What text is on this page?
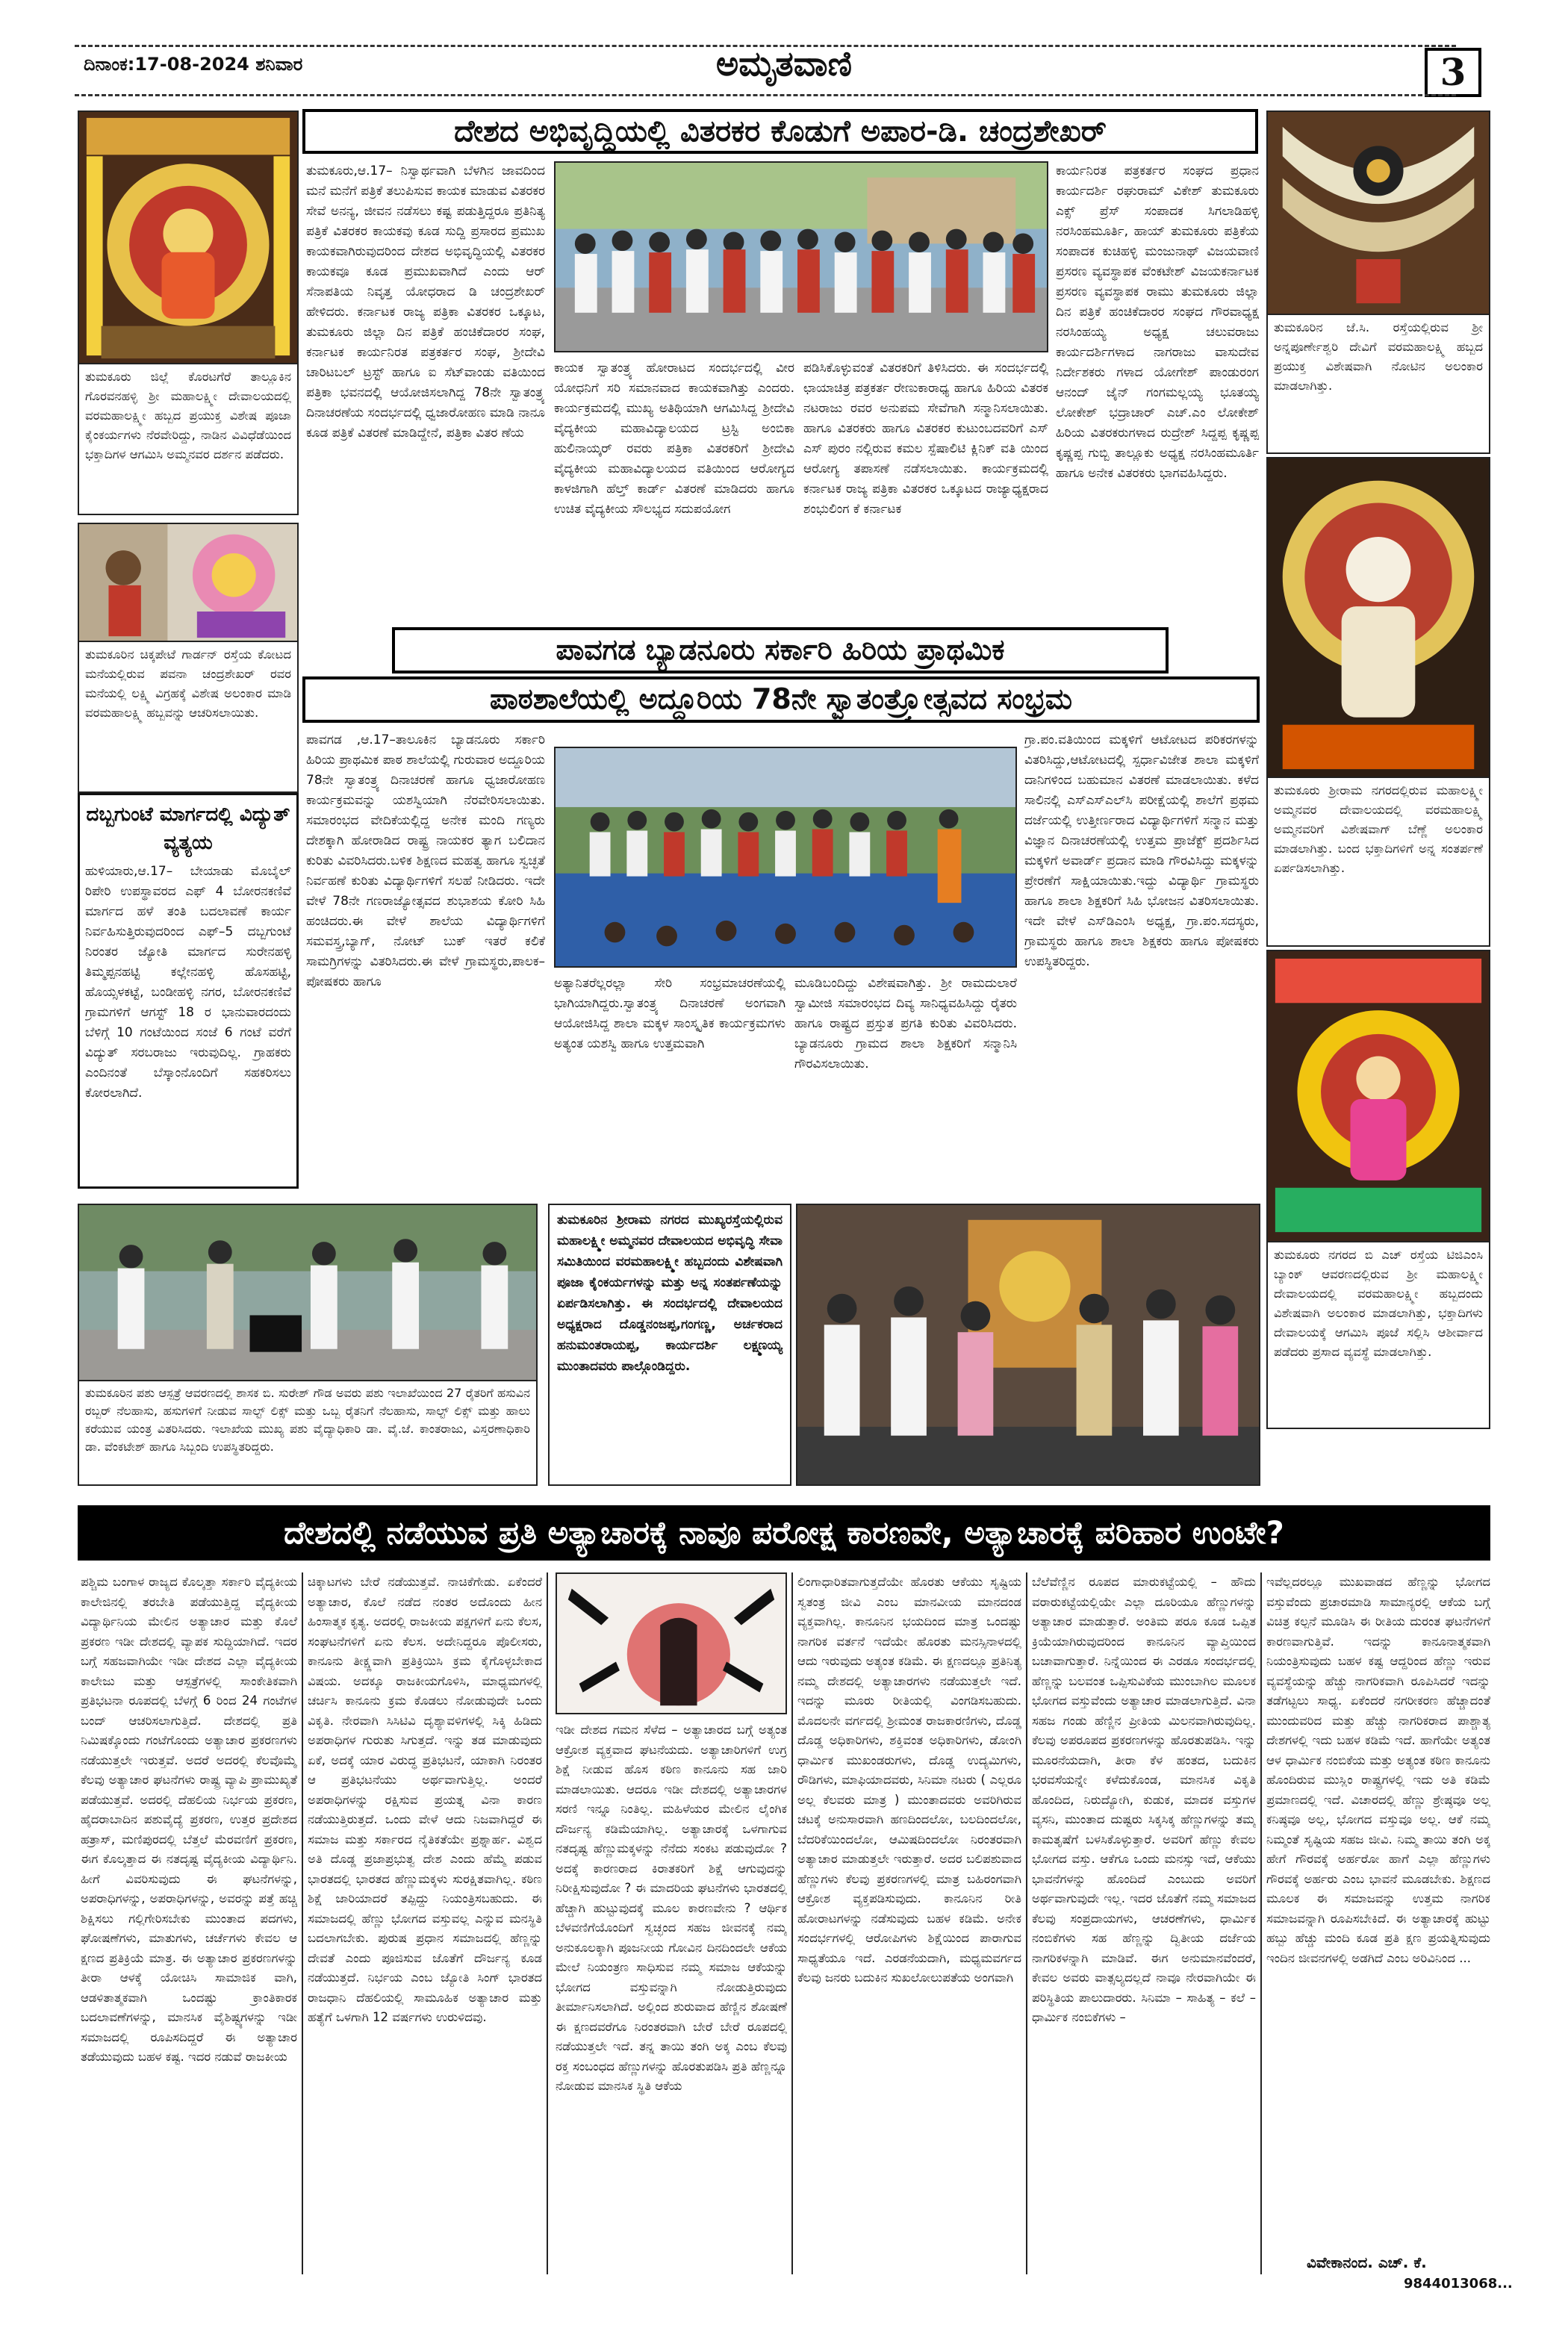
ದಿನಾಂಕ:17-08-2024 ಶನಿವಾರ	ಅಮೃತವಾಣಿ	3
ತುಮಕೂರು ಜಿಲ್ಲೆ ಕೊರಟಗೆರೆ ತಾಲ್ಲೂಕಿನ ಗೊರವನಹಳ್ಳಿ ಶ್ರೀ ಮಹಾಲಕ್ಷ್ಮೀ ದೇವಾಲಯದಲ್ಲಿ ವರಮಹಾಲಕ್ಷ್ಮೀ ಹಬ್ಬದ ಪ್ರಯುಕ್ತ ವಿಶೇಷ ಪೂಜಾ ಕೈಂಕರ್ಯಗಳು ನೆರವೇರಿದ್ದು, ನಾಡಿನ ವಿವಿಧೆಡೆಯಿಂದ ಭಕ್ತಾದಿಗಳ ಆಗಮಿಸಿ ಅಮ್ಮನವರ ದರ್ಶನ ಪಡೆದರು.
ತುಮಕೂರಿನ ಚಿಕ್ಕಪೇಟೆ ಗಾರ್ಡನ್ ರಸ್ತೆಯ ಕೋಟದ ಮನೆಯಲ್ಲಿರುವ ಪವನಾ ಚಂದ್ರಶೇಖರ್ ರವರ ಮನೆಯಲ್ಲಿ ಲಕ್ಷ್ಮಿ ವಿಗ್ರಹಕ್ಕೆ ವಿಶೇಷ ಅಲಂಕಾರ ಮಾಡಿ ವರಮಹಾಲಕ್ಷ್ಮಿ ಹಬ್ಬವನ್ನು ಆಚರಿಸಲಾಯಿತು.
ದಬ್ಬಗುಂಟೆ ಮಾರ್ಗದಲ್ಲಿ ವಿದ್ಯುತ್ ವ್ಯತ್ಯಯ
ಹುಳಿಯಾರು,ಆ.17– ಬೇಯಾಡು ಮೊಬೈಲ್ ರಿಪೇರಿ ಉಪಸ್ಥಾವರದ ಎಫ್ 4 ಬೋರನಕಣಿವೆ ಮಾರ್ಗದ ಹಳೆ ತಂತಿ ಬದಲಾವಣೆ ಕಾರ್ಯ ನಿರ್ವಹಿಸುತ್ತಿರುವುದರಿಂದ ಎಫ್–5 ದಬ್ಬಗುಂಟೆ ನಿರಂತರ ಜ್ಯೋತಿ ಮಾರ್ಗದ ಸುರೇನಹಳ್ಳಿ ತಿಮ್ಮಪ್ಪನಹಟ್ಟಿ ಕಲ್ಲೇನಹಳ್ಳಿ ಹೊಸಹಟ್ಟಿ, ಹೊಯ್ಸಳಕಟ್ಟೆ, ಬಂಡೀಹಳ್ಳಿ ನಗರ, ಬೋರನಕಣಿವೆ ಗ್ರಾಮಗಳಿಗೆ ಆಗಸ್ಟ್ 18 ರ ಭಾನುವಾರದಂದು ಬೆಳಿಗ್ಗೆ 10 ಗಂಟೆಯಿಂದ ಸಂಜೆ 6 ಗಂಟೆ ವರೆಗೆ ವಿದ್ಯುತ್ ಸರಬರಾಜು ಇರುವುದಿಲ್ಲ. ಗ್ರಾಹಕರು ಎಂದಿನಂತೆ ಬೆಸ್ಕಾಂನೊಂದಿಗೆ ಸಹಕರಿಸಲು ಕೋರಲಾಗಿದೆ.
ದೇಶದ ಅಭಿವೃದ್ಧಿಯಲ್ಲಿ ವಿತರಕರ ಕೊಡುಗೆ ಅಪಾರ-ಡಿ. ಚಂದ್ರಶೇಖರ್
ತುಮಕೂರು,ಆ.17– ನಿಸ್ವಾರ್ಥವಾಗಿ ಬೆಳಗಿನ ಜಾವದಿಂದ ಮನೆ ಮನೆಗೆ ಪತ್ರಿಕೆ ತಲುಪಿಸುವ ಕಾಯಕ ಮಾಡುವ ವಿತರಕರ ಸೇವೆ ಅನನ್ಯ, ಜೀವನ ನಡೆಸಲು ಕಷ್ಟ ಪಡುತ್ತಿದ್ದರೂ ಪ್ರತಿನಿತ್ಯ ಪತ್ರಿಕೆ ವಿತರಕರ ಕಾಯಕವು ಕೂಡ ಸುದ್ದಿ ಪ್ರಸಾರದ ಪ್ರಮುಖ ಕಾಯಕವಾಗಿರುವುದರಿಂದ ದೇಶದ ಅಭಿವೃದ್ಧಿಯಲ್ಲಿ ವಿತರಕರ ಕಾಯಕವೂ ಕೂಡ ಪ್ರಮುಖವಾಗಿದೆ ಎಂದು ಆರ್ ಸೆನಾಪತಿಯ ನಿವೃತ್ತ ಯೋಧರಾದ ಡಿ ಚಂದ್ರಶೇಖರ್ ಹೇಳಿದರು. ಕರ್ನಾಟಕ ರಾಜ್ಯ ಪತ್ರಿಕಾ ವಿತರಕರ ಒಕ್ಕೂಟ, ತುಮಕೂರು ಜಿಲ್ಲಾ ದಿನ ಪತ್ರಿಕೆ ಹಂಚಿಕೆದಾರರ ಸಂಘ, ಕರ್ನಾಟಕ ಕಾರ್ಯನಿರತ ಪತ್ರಕರ್ತರ ಸಂಘ, ಶ್ರೀದೇವಿ ಚಾರಿಟಬಲ್ ಟ್ರಸ್ಟ್ ಹಾಗೂ ಐ ಸೆಟ್‌ವಾಂಡು ವತಿಯಿಂದ ಪತ್ರಿಕಾ ಭವನದಲ್ಲಿ ಆಯೋಜಿಸಲಾಗಿದ್ದ 78ನೇ ಸ್ವಾತಂತ್ರ್ಯ ದಿನಾಚರಣೆಯ ಸಂದರ್ಭದಲ್ಲಿ ಧ್ವಜಾರೋಹಣ ಮಾಡಿ ನಾನೂ ಕೂಡ ಪತ್ರಿಕೆ ವಿತರಣೆ ಮಾಡಿದ್ದೇನೆ, ಪತ್ರಿಕಾ ವಿತರ ಣೆಯ
ಕಾಯಕ ಸ್ವಾತಂತ್ರ್ಯ ಹೋರಾಟದ ಸಂದರ್ಭದಲ್ಲಿ ವೀರ ಯೋಧನಿಗೆ ಸರಿ ಸಮಾನವಾದ ಕಾಯಕವಾಗಿತ್ತು ಎಂದರು. ಕಾರ್ಯಕ್ರಮದಲ್ಲಿ ಮುಖ್ಯ ಅತಿಥಿಯಾಗಿ ಆಗಮಿಸಿದ್ದ ಶ್ರೀದೇವಿ ವೈದ್ಯಕೀಯ ಮಹಾವಿದ್ಯಾಲಯದ ಟ್ರಸ್ಟಿ ಅಂಬಿಕಾ ಹುಲಿನಾಯ್ಕರ್ ರವರು ಪತ್ರಿಕಾ ವಿತರಕರಿಗೆ ಶ್ರೀದೇವಿ ವೈದ್ಯಕೀಯ ಮಹಾವಿದ್ಯಾಲಯದ ವತಿಯಿಂದ ಆರೋಗ್ಯದ ಕಾಳಜಿಗಾಗಿ ಹೆಲ್ತ್ ಕಾರ್ಡ್ ವಿತರಣೆ ಮಾಡಿದರು ಹಾಗೂ ಉಚಿತ ವೈದ್ಯಕೀಯ ಸೌಲಭ್ಯದ ಸದುಪಯೋಗ
ಪಡಿಸಿಕೊಳ್ಳುವಂತೆ ವಿತರಕರಿಗೆ ತಿಳಿಸಿದರು. ಈ ಸಂದರ್ಭದಲ್ಲಿ ಛಾಯಾಚಿತ್ರ ಪತ್ರಕರ್ತ ರೇಣುಕಾರಾಧ್ಯ ಹಾಗೂ ಹಿರಿಯ ವಿತರಕ ನಟರಾಜು ರವರ ಅನುಪಮ ಸೇವೆಗಾಗಿ ಸನ್ಮಾನಿಸಲಾಯಿತು. ಹಾಗೂ ವಿತರಕರು ಹಾಗೂ ವಿತರಕರ ಕುಟುಂಬದವರಿಗೆ ಎಸ್ ಎಸ್ ಪುರಂ ನಲ್ಲಿರುವ ಕಮಲ ಸ್ಪೆಷಾಲಿಟಿ ಕ್ಲಿನಿಕ್ ವತಿ ಯಿಂದ ಆರೋಗ್ಯ ತಪಾಸಣೆ ನಡೆಸಲಾಯಿತು. ಕಾರ್ಯಕ್ರಮದಲ್ಲಿ ಕರ್ನಾಟಕ ರಾಜ್ಯ ಪತ್ರಿಕಾ ವಿತರಕರ ಒಕ್ಕೂಟದ ರಾಜ್ಯಾಧ್ಯಕ್ಷರಾದ ಶಂಭುಲಿಂಗ ಕೆ ಕರ್ನಾಟಕ
ಕಾರ್ಯನಿರತ ಪತ್ರಕರ್ತರ ಸಂಘದ ಪ್ರಧಾನ ಕಾರ್ಯದರ್ಶಿ ರಘುರಾಮ್ ವಿಕೇಶ್ ತುಮಕೂರು ಎಕ್ಸ್ ಪ್ರೆಸ್ ಸಂಪಾದಕ ಸಿಗಲಾಡಿಹಳ್ಳಿ ನರಸಿಂಹಮೂರ್ತಿ, ಹಾಯ್ ತುಮಕೂರು ಪತ್ರಿಕೆಯ ಸಂಪಾದಕ ಕುಚಿಹಳ್ಳಿ ಮಂಜುನಾಥ್ ವಿಜಯವಾಣಿ ಪ್ರಸರಣ ವ್ಯವಸ್ಥಾಪಕ ವೆಂಕಟೇಶ್ ವಿಜಯಕರ್ನಾಟಕ ಪ್ರಸರಣ ವ್ಯವಸ್ಥಾಪಕ ರಾಮು ತುಮಕೂರು ಜಿಲ್ಲಾ ದಿನ ಪತ್ರಿಕೆ ಹಂಚಿಕೆದಾರರ ಸಂಘದ ಗೌರವಾಧ್ಯಕ್ಷ ನರಸಿಂಹಯ್ಯ ಅಧ್ಯಕ್ಷ ಚಲುವರಾಜು ಕಾರ್ಯದರ್ಶಿಗಳಾದ ನಾಗರಾಜು ವಾಸುದೇವ ನಿರ್ದೇಶಕರು ಗಳಾದ ಯೋಗೇಶ್ ಪಾಂಡುರಂಗ ಆನಂದ್ ಜೈನ್ ಗಂಗಮಲ್ಲಯ್ಯ ಭೂತಯ್ಯ ಲೋಕೇಶ್ ಭದ್ರಾಚಾರ್ ಎಚ್.ಎಂ ಲೋಕೇಶ್ ಹಿರಿಯ ವಿತರಕರುಗಳಾದ ರುದ್ರೇಶ್ ಸಿದ್ದಪ್ಪ ಕೃಷ್ಣಪ್ಪ ಕೃಷ್ಣಪ್ಪ ಗುಬ್ಬಿ ತಾಲ್ಲೂಕು ಅಧ್ಯಕ್ಷ ನರಸಿಂಹಮೂರ್ತಿ ಹಾಗೂ ಅನೇಕ ವಿತರಕರು ಭಾಗವಹಿಸಿದ್ದರು.
ಪಾವಗಡ ಬ್ಯಾಡನೂರು ಸರ್ಕಾರಿ ಹಿರಿಯ ಪ್ರಾಥಮಿಕ
ಪಾಠಶಾಲೆಯಲ್ಲಿ ಅದ್ದೂರಿಯ 78ನೇ ಸ್ವಾತಂತ್ರ್ಯೋತ್ಸವದ ಸಂಭ್ರಮ
ಪಾವಗಡ ,ಆ.17–ತಾಲೂಕಿನ ಬ್ಯಾಡನೂರು ಸರ್ಕಾರಿ ಹಿರಿಯ ಪ್ರಾಥಮಿಕ ಪಾಠ ಶಾಲೆಯಲ್ಲಿ ಗುರುವಾರ ಅದ್ದೂರಿಯ 78ನೇ ಸ್ವಾತಂತ್ರ್ಯ ದಿನಾಚರಣೆ ಹಾಗೂ ಧ್ವಜಾರೋಹಣ ಕಾರ್ಯಕ್ರಮವನ್ನು ಯಶಸ್ವಿಯಾಗಿ ನೆರವೇರಿಸಲಾಯಿತು. ಸಮಾರಂಭದ ವೇದಿಕೆಯಲ್ಲಿದ್ದ ಅನೇಕ ಮಂದಿ ಗಣ್ಯರು ದೇಶಕ್ಕಾಗಿ ಹೋರಾಡಿದ ರಾಷ್ಟ್ರ ನಾಯಕರ ತ್ಯಾಗ ಬಲಿದಾನ ಕುರಿತು ವಿವರಿಸಿದರು.ಬಳಿಕ ಶಿಕ್ಷಣದ ಮಹತ್ವ ಹಾಗೂ ಸ್ವಚ್ಛತೆ ನಿರ್ವಹಣೆ ಕುರಿತು ವಿದ್ಯಾರ್ಥಿಗಳಿಗೆ ಸಲಹೆ ನೀಡಿದರು. ಇದೇ ವೇಳೆ 78ನೇ ಗಣರಾಜ್ಯೋತ್ಸವದ ಶುಭಾಶಯ ಕೋರಿ ಸಿಹಿ ಹಂಚಿದರು.ಈ ವೇಳೆ ಶಾಲೆಯ ವಿದ್ಯಾರ್ಥಿಗಳಿಗೆ ಸಮವಸ್ತ್ರ,ಬ್ಯಾಗ್, ನೋಟ್ ಬುಕ್ ಇತರೆ ಕಲಿಕೆ ಸಾಮಗ್ರಿಗಳನ್ನು ವಿತರಿಸಿದರು.ಈ ವೇಳೆ ಗ್ರಾಮಸ್ಥರು,ಪಾಲಕ–ಪೋಷಕರು ಹಾಗೂ	ಅತ್ಯಾನಿತರೆಲ್ಲರಲ್ಲಾ ಸೇರಿ ಸಂಭ್ರಮಾಚರಣೆಯಲ್ಲಿ ಭಾಗಿಯಾಗಿದ್ದರು.ಸ್ವಾತಂತ್ರ್ಯ ದಿನಾಚರಣೆ ಅಂಗವಾಗಿ ಆಯೋಜಿಸಿದ್ದ ಶಾಲಾ ಮಕ್ಕಳ ಸಾಂಸ್ಕೃತಿಕ ಕಾರ್ಯಕ್ರಮಗಳು ಅತ್ಯಂತ ಯಶಸ್ವಿ ಹಾಗೂ ಉತ್ತಮವಾಗಿ
ಮೂಡಿಬಂದಿದ್ದು ವಿಶೇಷವಾಗಿತ್ತು. ಶ್ರೀ ರಾಮದುಲಾರೆ ಸ್ವಾಮೀಜಿ ಸಮಾರಂಭದ ದಿವ್ಯ ಸಾನಿಧ್ಯವಹಿಸಿದ್ದು ರೈತರು ಹಾಗೂ ರಾಷ್ಟ್ರದ ಪ್ರಸ್ತುತ ಪ್ರಗತಿ ಕುರಿತು ವಿವರಿಸಿದರು. ಬ್ಯಾಡನೂರು ಗ್ರಾಮದ ಶಾಲಾ ಶಿಕ್ಷಕರಿಗೆ ಸನ್ಮಾನಿಸಿ ಗೌರವಿಸಲಾಯಿತು.
ಗ್ರಾ.ಪಂ.ವತಿಯಿಂದ ಮಕ್ಕಳಿಗೆ ಆಟೋಟದ ಪರಿಕರಗಳನ್ನು ವಿತರಿಸಿದ್ದು,ಆಟೋಟದಲ್ಲಿ ಸ್ಪರ್ಧಾವಿಜೇತ ಶಾಲಾ ಮಕ್ಕಳಿಗೆ ದಾನಿಗಳಿಂದ ಬಹುಮಾನ ವಿತರಣೆ ಮಾಡಲಾಯಿತು. ಕಳೆದ ಸಾಲಿನಲ್ಲಿ ಎಸ್ಎಸ್ಎಲ್‌ಸಿ ಪರೀಕ್ಷೆಯಲ್ಲಿ ಶಾಲೆಗೆ ಪ್ರಥಮ ದರ್ಜೆಯಲ್ಲಿ ಉತ್ತೀರ್ಣರಾದ ವಿದ್ಯಾರ್ಥಿಗಳಿಗೆ ಸನ್ಮಾನ ಮತ್ತು ವಿಜ್ಞಾನ ದಿನಾಚರಣೆಯಲ್ಲಿ ಉತ್ತಮ ಪ್ರಾಜೆಕ್ಟ್ ಪ್ರದರ್ಶಿಸಿದ ಮಕ್ಕಳಿಗೆ ಅವಾರ್ಡ್ ಪ್ರದಾನ ಮಾಡಿ ಗೌರವಿಸಿದ್ದು ಮಕ್ಕಳನ್ನು ಪ್ರೇರಣೆಗೆ ಸಾಕ್ಷಿಯಾಯಿತು.ಇದ್ದು ವಿದ್ಯಾರ್ಥಿ ಗ್ರಾಮಸ್ಥರು ಹಾಗೂ ಶಾಲಾ ಶಿಕ್ಷಕರಿಗೆ ಸಿಹಿ ಭೋಜನ ವಿತರಿಸಲಾಯಿತು. ಇದೇ ವೇಳೆ ಎಸ್‌ಡಿಎಂಸಿ ಅಧ್ಯಕ್ಷ, ಗ್ರಾ.ಪಂ.ಸದಸ್ಯರು, ಗ್ರಾಮಸ್ಥರು ಹಾಗೂ ಶಾಲಾ ಶಿಕ್ಷಕರು ಹಾಗೂ ಪೋಷಕರು ಉಪಸ್ಥಿತರಿದ್ದರು.
ತುಮಕೂರಿನ ಜೆ.ಸಿ. ರಸ್ತೆಯಲ್ಲಿರುವ ಶ್ರೀ ಅನ್ನಪೂರ್ಣೇಶ್ವರಿ ದೇವಿಗೆ ವರಮಹಾಲಕ್ಷ್ಮಿ ಹಬ್ಬದ ಪ್ರಯುಕ್ತ ವಿಶೇಷವಾಗಿ ನೋಟಿನ ಅಲಂಕಾರ ಮಾಡಲಾಗಿತ್ತು.
ತುಮಕೂರು ಶ್ರೀರಾಮ ನಗರದಲ್ಲಿರುವ ಮಹಾಲಕ್ಷ್ಮೀ ಅಮ್ಮನವರ ದೇವಾಲಯದಲ್ಲಿ ವರಮಹಾಲಕ್ಷ್ಮಿ ಅಮ್ಮನವರಿಗೆ ವಿಶೇಷವಾಗ್ ಬೆಣ್ಣೆ ಅಲಂಕಾರ ಮಾಡಲಾಗಿತ್ತು. ಬಂದ ಭಕ್ತಾದಿಗಳಿಗೆ ಅನ್ನ ಸಂತರ್ಪಣೆ ಏರ್ಪಡಿಸಲಾಗಿತ್ತು.
ತುಮಕೂರು ನಗರದ ಬಿ ಎಚ್ ರಸ್ತೆಯ ಟಿಜಿಎಂಸಿ ಬ್ಯಾಂಕ್ ಆವರಣದಲ್ಲಿರುವ ಶ್ರೀ ಮಹಾಲಕ್ಷ್ಮೀ ದೇವಾಲಯದಲ್ಲಿ ವರಮಹಾಲಕ್ಷ್ಮೀ ಹಬ್ಬದಂದು ವಿಶೇಷವಾಗಿ ಅಲಂಕಾರ ಮಾಡಲಾಗಿತ್ತು, ಭಕ್ತಾದಿಗಳು ದೇವಾಲಯಕ್ಕೆ ಆಗಮಿಸಿ ಪೂಜೆ ಸಲ್ಲಿಸಿ ಆಶೀರ್ವಾದ ಪಡೆದರು ಪ್ರಸಾದ ವ್ಯವಸ್ಥೆ ಮಾಡಲಾಗಿತ್ತು.
ತುಮಕೂರಿನ ಪಶು ಆಸ್ಪತ್ರೆ ಆವರಣದಲ್ಲಿ ಶಾಸಕ ಬಿ. ಸುರೇಶ್ ಗೌಡ ಅವರು ಪಶು ಇಲಾಖೆಯಿಂದ 27 ರೈತರಿಗೆ ಹಸುವಿನ ರಬ್ಬರ್ ನೆಲಹಾಸು, ಹಸುಗಳಿಗೆ ನೀಡುವ ಸಾಲ್ಟ್ ಲಿಕ್ಸ್ ಮತ್ತು ಒಬ್ಬ ರೈತನಿಗೆ ನೆಲಹಾಸು, ಸಾಲ್ಟ್ ಲಿಕ್ಸ್ ಮತ್ತು ಹಾಲು ಕರೆಯುವ ಯಂತ್ರ ವಿತರಿಸಿದರು. ಇಲಾಖೆಯ ಮುಖ್ಯ ಪಶು ವೈದ್ಯಾಧಿಕಾರಿ ಡಾ. ವೈ.ಜೆ. ಕಾಂತರಾಜು, ವಿಸ್ತರಣಾಧಿಕಾರಿ ಡಾ. ವೆಂಕಟೇಶ್ ಹಾಗೂ ಸಿಬ್ಬಂದಿ ಉಪಸ್ಥಿತರಿದ್ದರು.
ತುಮಕೂರಿನ ಶ್ರೀರಾಮ ನಗರದ ಮುಖ್ಯರಸ್ತೆಯಲ್ಲಿರುವ ಮಹಾಲಕ್ಷ್ಮೀ ಅಮ್ಮನವರ ದೇವಾಲಯದ ಅಭಿವೃದ್ಧಿ ಸೇವಾ ಸಮಿತಿಯಿಂದ ವರಮಹಾಲಕ್ಷ್ಮೀ ಹಬ್ಬದಂದು ವಿಶೇಷವಾಗಿ ಪೂಜಾ ಕೈಂಕರ್ಯಗಳನ್ನು ಮತ್ತು ಅನ್ನ ಸಂತರ್ಪಣೆಯನ್ನು ಏರ್ಪಡಿಸಲಾಗಿತ್ತು. ಈ ಸಂದರ್ಭದಲ್ಲಿ ದೇವಾಲಯದ ಅಧ್ಯಕ್ಷರಾದ ದೊಡ್ಡನಂಜಪ್ಪ,ಗಂಗಣ್ಣ, ಅರ್ಚಕರಾದ ಹನುಮಂತರಾಯಪ್ಪ, ಕಾರ್ಯದರ್ಶಿ ಲಕ್ಷ್ಮಣಯ್ಯ ಮುಂತಾದವರು ಪಾಲ್ಗೊಂಡಿದ್ದರು.
ದೇಶದಲ್ಲಿ ನಡೆಯುವ ಪ್ರತಿ ಅತ್ಯಾಚಾರಕ್ಕೆ ನಾವೂ ಪರೋಕ್ಷ ಕಾರಣವೇ, ಅತ್ಯಾಚಾರಕ್ಕೆ ಪರಿಹಾರ ಉಂಟೇ?
ಪಶ್ಚಿಮ ಬಂಗಾಳ ರಾಜ್ಯದ ಕೊಲ್ಕತ್ತಾ ಸರ್ಕಾರಿ ವೈದ್ಯಕೀಯ ಕಾಲೇಜಿನಲ್ಲಿ ತರಬೇತಿ ಪಡೆಯುತ್ತಿದ್ದ ವೈದ್ಯಕೀಯ ವಿದ್ಯಾರ್ಥಿನಿಯ ಮೇಲಿನ ಅತ್ಯಾಚಾರ ಮತ್ತು ಕೊಲೆ ಪ್ರಕರಣ ಇಡೀ ದೇಶದಲ್ಲಿ ವ್ಯಾಪಕ ಸುದ್ದಿಯಾಗಿದೆ. ಇದರ ಬಗ್ಗೆ ಸಹಜವಾಗಿಯೇ ಇಡೀ ದೇಶದ ಎಲ್ಲಾ ವೈದ್ಯಕೀಯ ಕಾಲೇಜು ಮತ್ತು ಆಸ್ಪತ್ರೆಗಳಲ್ಲಿ ಸಾಂಕೇತಿಕವಾಗಿ ಪ್ರತಿಭಟನಾ ರೂಪದಲ್ಲಿ ಬೆಳಗ್ಗೆ 6 ರಿಂದ 24 ಗಂಟೆಗಳ ಬಂದ್ ಆಚರಿಸಲಾಗುತ್ತಿದೆ. ದೇಶದಲ್ಲಿ ಪ್ರತಿ ನಿಮಿಷಕ್ಕೊಂದು ಗಂಟೆಗೊಂದು ಅತ್ಯಾಚಾರ ಪ್ರಕರಣಗಳು ನಡೆಯುತ್ತಲೇ ಇರುತ್ತವೆ. ಅದರೆ ಅದರಲ್ಲಿ ಕೆಲವೊಮ್ಮೆ ಕೆಲವು ಅತ್ಯಾಚಾರ ಘಟನೆಗಳು ರಾಷ್ಟ್ರ ವ್ಯಾಪಿ ಪ್ರಾಮುಖ್ಯತೆ ಪಡೆಯುತ್ತವೆ. ಅದರಲ್ಲಿ ದೆಹಲಿಯ ನಿರ್ಭಯ ಪ್ರಕರಣ, ಹೈದರಾಬಾದಿನ ಪಶುವೈದ್ಯೆ ಪ್ರಕರಣ, ಉತ್ತರ ಪ್ರದೇಶದ ಹತ್ರಾಸ್, ಮಣಿಪುರದಲ್ಲಿ ಬೆತ್ತಲೆ ಮೆರವಣಿಗೆ ಪ್ರಕರಣ, ಈಗ ಕೊಲ್ಕತ್ತಾದ ಈ ನತದೃಷ್ಟ ವೈದ್ಯಕೀಯ ವಿದ್ಯಾರ್ಥಿನಿ. ಹೀಗೆ ವಿವರಿಸುವುದು ಈ ಘಟನೆಗಳನ್ನು, ಅಪರಾಧಿಗಳನ್ನು, ಅಪರಾಧಿಗಳನ್ನು, ಅವರನ್ನು ಪತ್ತೆ ಹಚ್ಚಿ ಶಿಕ್ಷಿಸಲು ಗಲ್ಲಿಗೇರಿಸಬೇಕು ಮುಂತಾದ ಪದಗಳು, ಘೋಷಣೆಗಳು, ಮಾತುಗಳು, ಚರ್ಚೆಗಳು ಕೇವಲ ಆ ಕ್ಷಣದ ಪ್ರತಿಕ್ರಿಯೆ ಮಾತ್ರ. ಈ ಅತ್ಯಾಚಾರ ಪ್ರಕರಣಗಳನ್ನು ತೀರಾ ಆಳಕ್ಕೆ ಯೋಚಿಸಿ ಸಾಮಾಜಿಕ ವಾಗಿ, ಆಡಳಿತಾತ್ಮಕವಾಗಿ ಒಂದಷ್ಟು ಕ್ರಾಂತಿಕಾರಕ ಬದಲಾವಣೆಗಳನ್ನು, ಮಾನಸಿಕ ವೈಶಿಷ್ಟ್ಯಗಳನ್ನು ಇಡೀ ಸಮಾಜದಲ್ಲಿ ರೂಪಿಸದಿದ್ದರೆ ಈ ಅತ್ಯಾಚಾರ ತಡೆಯುವುದು ಬಹಳ ಕಷ್ಟ. ಇದರ ನಡುವೆ ರಾಜಕೀಯ
ಚಿಕ್ಕಾಟಗಳು ಬೇರೆ ನಡೆಯುತ್ತವೆ. ನಾಚಿಕೆಗೇಡು. ಏಕೆಂದರೆ ಅತ್ಯಾಚಾರ, ಕೊಲೆ ನಡೆದ ನಂತರ ಅದೊಂದು ಹೀನ ಹಿಂಸಾತ್ಮಕ ಕೃತ್ಯ. ಅದರಲ್ಲಿ ರಾಜಕೀಯ ಪಕ್ಷಗಳಿಗೆ ಏನು ಕೆಲಸ, ಸಂಘಟನೆಗಳಿಗೆ ಏನು ಕೆಲಸ. ಅದೇನಿದ್ದರೂ ಪೊಲೀಸರು, ಕಾನೂನು ತೀಕ್ಷ್ಣವಾಗಿ ಪ್ರತಿಕ್ರಿಯಿಸಿ ಕ್ರಮ ಕೈಗೊಳ್ಳಬೇಕಾದ ವಿಷಯ. ಅದಕ್ಕೂ ರಾಜಕೀಯಗೊಳಿಸಿ, ಮಾಧ್ಯಮಗಳಲ್ಲಿ ಚರ್ಚಿಸಿ ಕಾನೂನು ಕ್ರಮ ಕೊಡಲು ನೋಡುವುದೇ ಒಂದು ವಿಕೃತಿ. ನೇರವಾಗಿ ಸಿಸಿಟಿವಿ ದೃಶ್ಯಾವಳಿಗಳಲ್ಲಿ ಸಿಕ್ಕಿ ಹಿಡಿದು ಅಪರಾಧಿಗಳ ಗುರುತು ಸಿಗುತ್ತದೆ. ಇನ್ನು ತಡ ಮಾಡುವುದು ಏಕೆ, ಅದಕ್ಕೆ ಯಾರ ವಿರುದ್ಧ ಪ್ರತಿಭಟನೆ, ಯಾಕಾಗಿ ನಿರಂತರ ಆ ಪ್ರತಿಭಟನೆಯು ಅರ್ಥವಾಗುತ್ತಿಲ್ಲ. ಅಂದರೆ ಅಪರಾಧಿಗಳನ್ನು ರಕ್ಷಿಸುವ ಪ್ರಯತ್ನ ವಿನಾ ಕಾರಣ ನಡೆಯುತ್ತಿರುತ್ತದೆ. ಒಂದು ವೇಳೆ ಆದು ನಿಜವಾಗಿದ್ದರೆ ಈ ಸಮಾಜ ಮತ್ತು ಸರ್ಕಾರದ ನೈತಿಕತೆಯೇ ಪ್ರಶ್ನಾರ್ಹ. ವಿಶ್ವದ ಅತಿ ದೊಡ್ಡ ಪ್ರಜಾಪ್ರಭುತ್ವ ದೇಶ ಎಂದು ಹೆಮ್ಮೆ ಪಡುವ ಭಾರತದಲ್ಲಿ ಭಾರತದ ಹೆಣ್ಣುಮಕ್ಕಳು ಸುರಕ್ಷಿತವಾಗಿಲ್ಲ. ಕಠಿಣ ಶಿಕ್ಷೆ ಜಾರಿಯಾದರೆ ತಪ್ಪಿದ್ದು ನಿಯಂತ್ರಿಸಬಹುದು. ಈ ಸಮಾಜದಲ್ಲಿ ಹೆಣ್ಣು ಭೋಗದ ವಸ್ತುವಲ್ಲ ಎನ್ನುವ ಮನಸ್ಥಿತಿ ಬದಲಾಗಬೇಕು. ಪುರುಷ ಪ್ರಧಾನ ಸಮಾಜದಲ್ಲಿ ಹೆಣ್ಣನ್ನು ದೇವತೆ ಎಂದು ಪೂಜಿಸುವ ಜೊತೆಗೆ ದೌರ್ಜನ್ಯ ಕೂಡ ನಡೆಯುತ್ತದೆ. ನಿರ್ಭಯ ಎಂಬ ಜ್ಯೋತಿ ಸಿಂಗ್ ಭಾರತದ ರಾಜಧಾನಿ ದೆಹಲಿಯಲ್ಲಿ ಸಾಮೂಹಿಕ ಅತ್ಯಾಚಾರ ಮತ್ತು ಹತ್ಯೆಗೆ ಒಳಗಾಗಿ 12 ವರ್ಷಗಳು ಉರುಳಿದವು.
ಇಡೀ ದೇಶದ ಗಮನ ಸೆಳೆದ – ಅತ್ಯಾಚಾರದ ಬಗ್ಗೆ ಅತ್ಯಂತ ಆಕ್ರೋಶ ವ್ಯಕ್ತವಾದ ಘಟನೆಯದು. ಅತ್ಯಾಚಾರಿಗಳಿಗೆ ಉಗ್ರ ಶಿಕ್ಷೆ ನೀಡುವ ಹೊಸ ಕಠಿಣ ಕಾನೂನು ಸಹ ಜಾರಿ ಮಾಡಲಾಯಿತು. ಆದರೂ ಇಡೀ ದೇಶದಲ್ಲಿ ಅತ್ಯಾಚಾರಗಳ ಸರಣಿ ಇನ್ನೂ ನಿಂತಿಲ್ಲ. ಮಹಿಳೆಯರ ಮೇಲಿನ ಲೈಂಗಿಕ ದೌರ್ಜನ್ಯ ಕಡಿಮೆಯಾಗಿಲ್ಲ. ಅತ್ಯಾಚಾರಕ್ಕೆ ಒಳಗಾಗುವ ನತದೃಷ್ಟ ಹೆಣ್ಣುಮಕ್ಕಳನ್ನು ನೆನೆದು ಸಂಕಟ ಪಡುವುದೋ ? ಅದಕ್ಕೆ ಕಾರಣರಾದ ಕಿರಾತಕರಿಗೆ ಶಿಕ್ಷೆ ಆಗುವುದನ್ನು ನಿರೀಕ್ಷಿಸುವುದೋ ? ಈ ಮಾದರಿಯ ಘಟನೆಗಳು ಭಾರತದಲ್ಲಿ ಹೆಚ್ಚಾಗಿ ಹುಟ್ಟುವುದಕ್ಕೆ ಮೂಲ ಕಾರಣವೇನು ? ಆರ್ಥಿಕ ಬೆಳವಣಿಗೆಯೊಂದಿಗೆ ಸ್ವಚ್ಛಂದ ಸಹಜ ಜೀವನಕ್ಕೆ ನಮ್ಮ ಅನುಕೂಲಕ್ಕಾಗಿ ಪೂಜನೀಯ ಗೋವಿನ ದಿನದಿಂದಲೇ ಆಕೆಯ ಮೇಲೆ ನಿಯಂತ್ರಣ ಸಾಧಿಸುವ ನಮ್ಮ ಸಮಾಜ ಆಕೆಯನ್ನು ಭೋಗದ ವಸ್ತುವನ್ನಾಗಿ ನೋಡುತ್ತಿರುವುದು ತೀರ್ಮಾನಿಸಲಾಗಿದೆ. ಅಲ್ಲಿಂದ ಶುರುವಾದ ಹೆಣ್ಣಿನ ಶೋಷಣೆ ಈ ಕ್ಷಣದವರೆಗೂ ನಿರಂತರವಾಗಿ ಬೇರೆ ಬೇರೆ ರೂಪದಲ್ಲಿ ನಡೆಯುತ್ತಲೇ ಇದೆ. ತನ್ನ ತಾಯಿ ತಂಗಿ ಅಕ್ಕ ಎಂಬ ಕೆಲವು ರಕ್ತ ಸಂಬಂಧದ ಹೆಣ್ಣುಗಳನ್ನು ಹೊರತುಪಡಿಸಿ ಪ್ರತಿ ಹೆಣ್ಣನ್ನೂ ನೋಡುವ ಮಾನಸಿಕ ಸ್ಥಿತಿ ಆಕೆಯ
ಲಿಂಗಾಧಾರಿತವಾಗುತ್ತದೆಯೇ ಹೊರತು ಆಕೆಯು ಸೃಷ್ಟಿಯ ಸ್ವತಂತ್ರ ಜೀವಿ ಎಂಬ ಮಾನವೀಯ ಮಾನದಂಡ ವ್ಯಕ್ತವಾಗಿಲ್ಲ. ಕಾನೂನಿನ ಭಯದಿಂದ ಮಾತ್ರ ಒಂದಷ್ಟು ನಾಗರಿಕ ವರ್ತನೆ ಇದೆಯೇ ಹೊರತು ಮನಸ್ಸಿನಾಳದಲ್ಲಿ ಆದು ಇರುವುದು ಅತ್ಯಂತ ಕಡಿಮೆ. ಈ ಕ್ಷಣದಲ್ಲೂ ಪ್ರತಿನಿತ್ಯ ನಮ್ಮ ದೇಶದಲ್ಲಿ ಅತ್ಯಾಚಾರಗಳು ನಡೆಯುತ್ತಲೇ ಇದೆ. ಇದನ್ನು ಮೂರು ರೀತಿಯಲ್ಲಿ ವಿಂಗಡಿಸಬಹುದು. ಮೊದಲನೇ ವರ್ಗದಲ್ಲಿ ಶ್ರೀಮಂತ ರಾಜಕಾರಣಿಗಳು, ದೊಡ್ಡ ದೊಡ್ಡ ಅಧಿಕಾರಿಗಳು, ಶಕ್ತಿವಂತ ಅಧಿಕಾರಿಗಳು, ಡೋಂಗಿ ಧಾರ್ಮಿಕ ಮುಖಂಡರುಗಳು, ದೊಡ್ಡ ಉದ್ಯಮಿಗಳು, ರೌಡಿಗಳು, ಮಾಫಿಯಾದವರು, ಸಿನಿಮಾ ನಟರು ( ಎಲ್ಲರೂ ಅಲ್ಲ ಕೆಲವರು ಮಾತ್ರ ) ಮುಂತಾದವರು ಅವರಿಗಿರುವ ಚಟಕ್ಕೆ ಅನುಸಾರವಾಗಿ ಹಣದಿಂದಲೋ, ಬಲದಿಂದಲೋ, ಬೆದರಿಕೆಯಿಂದಲೋ, ಆಮಿಷದಿಂದಲೋ ನಿರಂತರವಾಗಿ ಅತ್ಯಾಚಾರ ಮಾಡುತ್ತಲೇ ಇರುತ್ತಾರೆ. ಅದರ ಬಲಿಪಶುವಾದ ಹೆಣ್ಣುಗಳು ಕೆಲವು ಪ್ರಕರಣಗಳಲ್ಲಿ ಮಾತ್ರ ಬಹಿರಂಗವಾಗಿ ಆಕ್ರೋಶ ವ್ಯಕ್ತಪಡಿಸುವುದು. ಕಾನೂನಿನ ರೀತಿ ಹೋರಾಟಗಳನ್ನು ನಡೆಸುವುದು ಬಹಳ ಕಡಿಮೆ. ಅನೇಕ ಸಂದರ್ಭಗಳಲ್ಲಿ ಆರೋಪಿಗಳು ಶಿಕ್ಷೆಯಿಂದ ಪಾರಾಗುವ ಸಾಧ್ಯತೆಯೂ ಇದೆ. ಎರಡನೆಯದಾಗಿ, ಮಧ್ಯಮವರ್ಗದ ಕೆಲವು ಜನರು ಬದುಕಿನ ಸುಖಲೋಲುಪತೆಯ ಅಂಗವಾಗಿ
ಬೆಲೆವೆಣ್ಣಿನ ರೂಪದ ಮಾರುಕಟ್ಟೆಯಲ್ಲಿ – ಹೌದು ವರಾರುಕಟ್ಟೆಯಲ್ಲಿಯೇ ಎಲ್ಲಾ ದೂರಿಯೂ ಹೆಣ್ಣುಗಳನ್ನು ಅತ್ಯಾಚಾರ ಮಾಡುತ್ತಾರೆ. ಅಂತಿಮ ಪರೂ ಕೂಡ ಒಪ್ಪಿತ ಕ್ರಿಯೆಯಾಗಿರುವುದರಿಂದ ಕಾನೂನಿನ ವ್ಯಾಪ್ತಿಯಿಂದ ಬಚಾವಾಗುತ್ತಾರೆ. ನಿನ್ನೆಯಿಂದ ಈ ಎರಡೂ ಸಂದರ್ಭದಲ್ಲಿ ಹೆಣ್ಣನ್ನು ಬಲವಂತ ಒಪ್ಪಿಸುವಿಕೆಯ ಮುಂಬಾಗಿಲ ಮೂಲಕ ಭೋಗದ ವಸ್ತುವೆಂದು ಅತ್ಯಾಚಾರ ಮಾಡಲಾಗುತ್ತಿದೆ. ವಿನಾ ಸಹಜ ಗಂಡು ಹೆಣ್ಣಿನ ಪ್ರೀತಿಯ ಮಿಲನವಾಗಿರುವುದಿಲ್ಲ. ಕೆಲವು ಅಪರೂಪದ ಪ್ರಕರಣಗಳನ್ನು ಹೊರತುಪಡಿಸಿ. ಇನ್ನು ಮೂರನೆಯದಾಗಿ, ತೀರಾ ಕೆಳ ಹಂತದ, ಬದುಕಿನ ಭರವಸೆಯನ್ನೇ ಕಳೆದುಕೊಂಡ, ಮಾನಸಿಕ ವಿಕೃತಿ ಹೊಂದಿದ, ನಿರುದ್ಯೋಗಿ, ಕುಡುಕ, ಮಾದಕ ವಸ್ತುಗಳ ವ್ಯಸನಿ, ಮುಂತಾದ ದುಷ್ಟರು ಸಿಕ್ಕಸಿಕ್ಕ ಹೆಣ್ಣುಗಳನ್ನು ತಮ್ಮ ಕಾಮತೃಷೆಗೆ ಬಳಸಿಕೊಳ್ಳುತ್ತಾರೆ. ಅವರಿಗೆ ಹೆಣ್ಣು ಕೇವಲ ಭೋಗದ ವಸ್ತು. ಆಕೆಗೂ ಒಂದು ಮನಸ್ಸು ಇದೆ, ಆಕೆಯು ಭಾವನೆಗಳನ್ನು ಹೊಂದಿದೆ ಎಂಬುದು ಅವರಿಗೆ ಅರ್ಥವಾಗುವುದೇ ಇಲ್ಲ. ಇದರ ಜೊತೆಗೆ ನಮ್ಮ ಸಮಾಜದ ಕೆಲವು ಸಂಪ್ರದಾಯಗಳು, ಆಚರಣೆಗಳು, ಧಾರ್ಮಿಕ ನಂಬಿಕೆಗಳು ಸಹ ಹೆಣ್ಣನ್ನು ದ್ವಿತೀಯ ದರ್ಜೆಯ ನಾಗರಿಕಳನ್ನಾಗಿ ಮಾಡಿವೆ. ಈಗ ಅನುಮಾನವೆಂದರೆ, ಕೇವಲ ಅವರು ವಾತ್ಸಲ್ಯದಲ್ಲದೆ ನಾವೂ ನೇರವಾಗಿಯೇ ಈ ಪರಿಸ್ಥಿತಿಯ ಪಾಲುದಾರರು. ಸಿನಿಮಾ – ಸಾಹಿತ್ಯ – ಕಲೆ – ಧಾರ್ಮಿಕ ನಂಬಿಕೆಗಳು –
ಇವೆಲ್ಲದರಲ್ಲೂ ಮುಖವಾಡದ ಹೆಣ್ಣನ್ನು ಭೋಗದ ವಸ್ತುವೆಂದು ಪ್ರಚಾರಮಾಡಿ ಸಾಮಾನ್ಯರಲ್ಲಿ ಆಕೆಯ ಬಗ್ಗೆ ವಿಚಿತ್ರ ಕಲ್ಪನೆ ಮೂಡಿಸಿ ಈ ರೀತಿಯ ದುರಂತ ಘಟನೆಗಳಿಗೆ ಕಾರಣವಾಗುತ್ತಿವೆ. ಇದನ್ನು ಕಾನೂನಾತ್ಮಕವಾಗಿ ನಿಯಂತ್ರಿಸುವುದು ಬಹಳ ಕಷ್ಟ ಆದ್ದರಿಂದ ಹೆಣ್ಣು ಇರುವ ವ್ಯವಸ್ಥೆಯನ್ನು ಹೆಚ್ಚು ನಾಗರಿಕವಾಗಿ ರೂಪಿಸಿದರೆ ಇದನ್ನು ತಡೆಗಟ್ಟಲು ಸಾಧ್ಯ. ಏಕೆಂದರೆ ನಗರೀಕರಣ ಹೆಚ್ಚಾದಂತೆ ಮುಂದುವರಿದ ಮತ್ತು ಹೆಚ್ಚು ನಾಗರಿಕರಾದ ಪಾಶ್ಚಾತ್ಯ ದೇಶಗಳಲ್ಲಿ ಇದು ಬಹಳ ಕಡಿಮೆ ಇದೆ. ಹಾಗೆಯೇ ಅತ್ಯಂತ ಆಳ ಧಾರ್ಮಿಕ ನಂಬಿಕೆಯ ಮತ್ತು ಅತ್ಯಂತ ಕಠಿಣ ಕಾನೂನು ಹೊಂದಿರುವ ಮುಸ್ಲಿಂ ರಾಷ್ಟ್ರಗಳಲ್ಲಿ ಇದು ಅತಿ ಕಡಿಮೆ ಪ್ರಮಾಣದಲ್ಲಿ ಇದೆ. ವಿಚಾರದಲ್ಲಿ ಹೆಣ್ಣು ಶ್ರೇಷ್ಠವೂ ಅಲ್ಲ ಕನಿಷ್ಠವೂ ಅಲ್ಲ, ಭೋಗದ ವಸ್ತುವೂ ಅಲ್ಲ. ಆಕೆ ನಮ್ಮ ನಿಮ್ಮಂತೆ ಸೃಷ್ಟಿಯ ಸಹಜ ಜೀವಿ. ನಿಮ್ಮ ತಾಯಿ ತಂಗಿ ಅಕ್ಕ ಹೇಗೆ ಗೌರವಕ್ಕೆ ಅರ್ಹರೋ ಹಾಗೆ ಎಲ್ಲಾ ಹೆಣ್ಣುಗಳು ಗೌರವಕ್ಕೆ ಅರ್ಹರು ಎಂಬ ಭಾವನೆ ಮೂಡಬೇಕು. ಶಿಕ್ಷಣದ ಮೂಲಕ ಈ ಸಮಾಜವನ್ನು ಉತ್ತಮ ನಾಗರಿಕ ಸಮಾಜವನ್ನಾಗಿ ರೂಪಿಸಬೇಕಿದೆ. ಈ ಅತ್ಯಾಚಾರಕ್ಕೆ ಹುಟ್ಟು ಹಬ್ಬು ಹೆಚ್ಚು ಮಂದಿ ಕೂಡ ಪ್ರತಿ ಕ್ಷಣ ಪ್ರಯತ್ನಿಸುವುದು ಇಂದಿನ ಜೀವನಗಳಲ್ಲಿ ಅಡಗಿದೆ ಎಂಬ ಅರಿವಿನಿಂದ ...
ವಿವೇಕಾನಂದ. ಎಚ್. ಕೆ.
9844013068...
